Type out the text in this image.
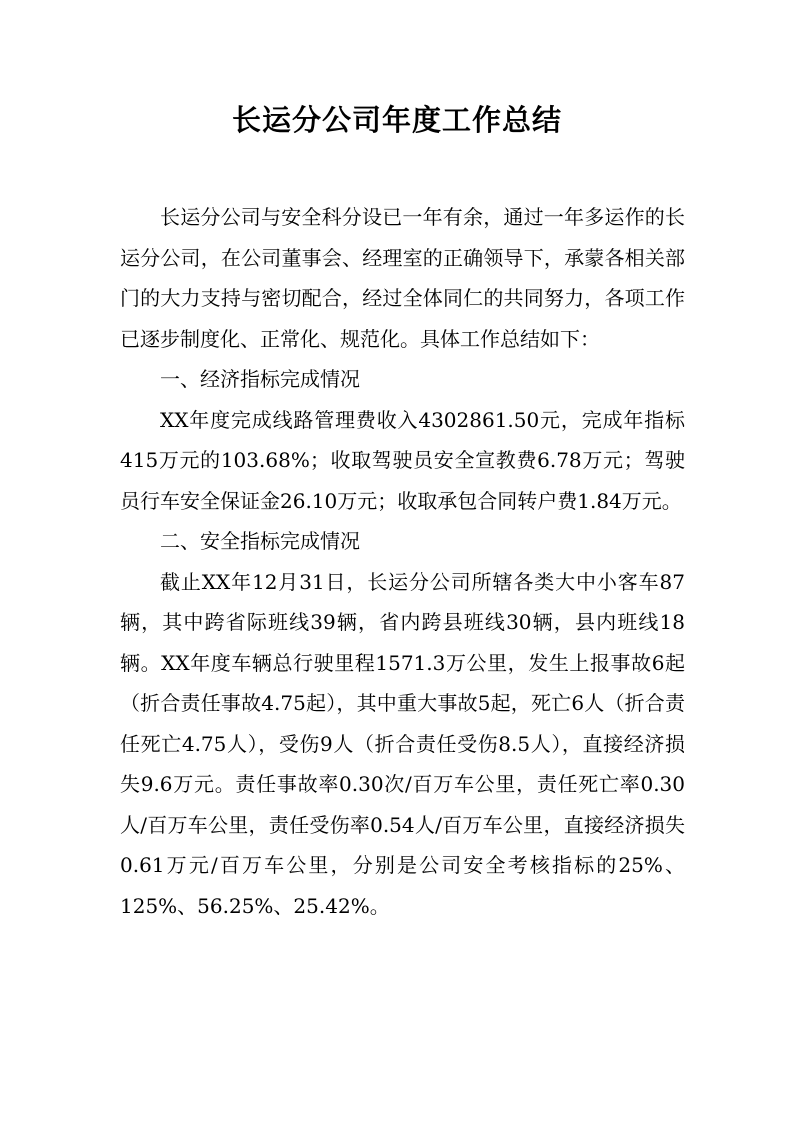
长运分公司年度工作总结

长运分公司与安全科分设已一年有余，通过一年多运作的长运分公司，在公司董事会、经理室的正确领导下，承蒙各相关部门的大力支持与密切配合，经过全体同仁的共同努力，各项工作已逐步制度化、正常化、规范化。具体工作总结如下：

一、经济指标完成情况

XX年度完成线路管理费收入4302861.50元，完成年指标415万元的103.68%；收取驾驶员安全宣教费6.78万元；驾驶员行车安全保证金26.10万元；收取承包合同转户费1.84万元。

二、安全指标完成情况

截止XX年12月31日，长运分公司所辖各类大中小客车87辆，其中跨省际班线39辆，省内跨县班线30辆，县内班线18辆。XX年度车辆总行驶里程1571.3万公里，发生上报事故6起（折合责任事故4.75起），其中重大事故5起，死亡6人（折合责任死亡4.75人），受伤9人（折合责任受伤8.5人），直接经济损失9.6万元。责任事故率0.30次/百万车公里，责任死亡率0.30人/百万车公里，责任受伤率0.54人/百万车公里，直接经济损失0.61万元/百万车公里，分别是公司安全考核指标的25%、125%、56.25%、25.42%。
